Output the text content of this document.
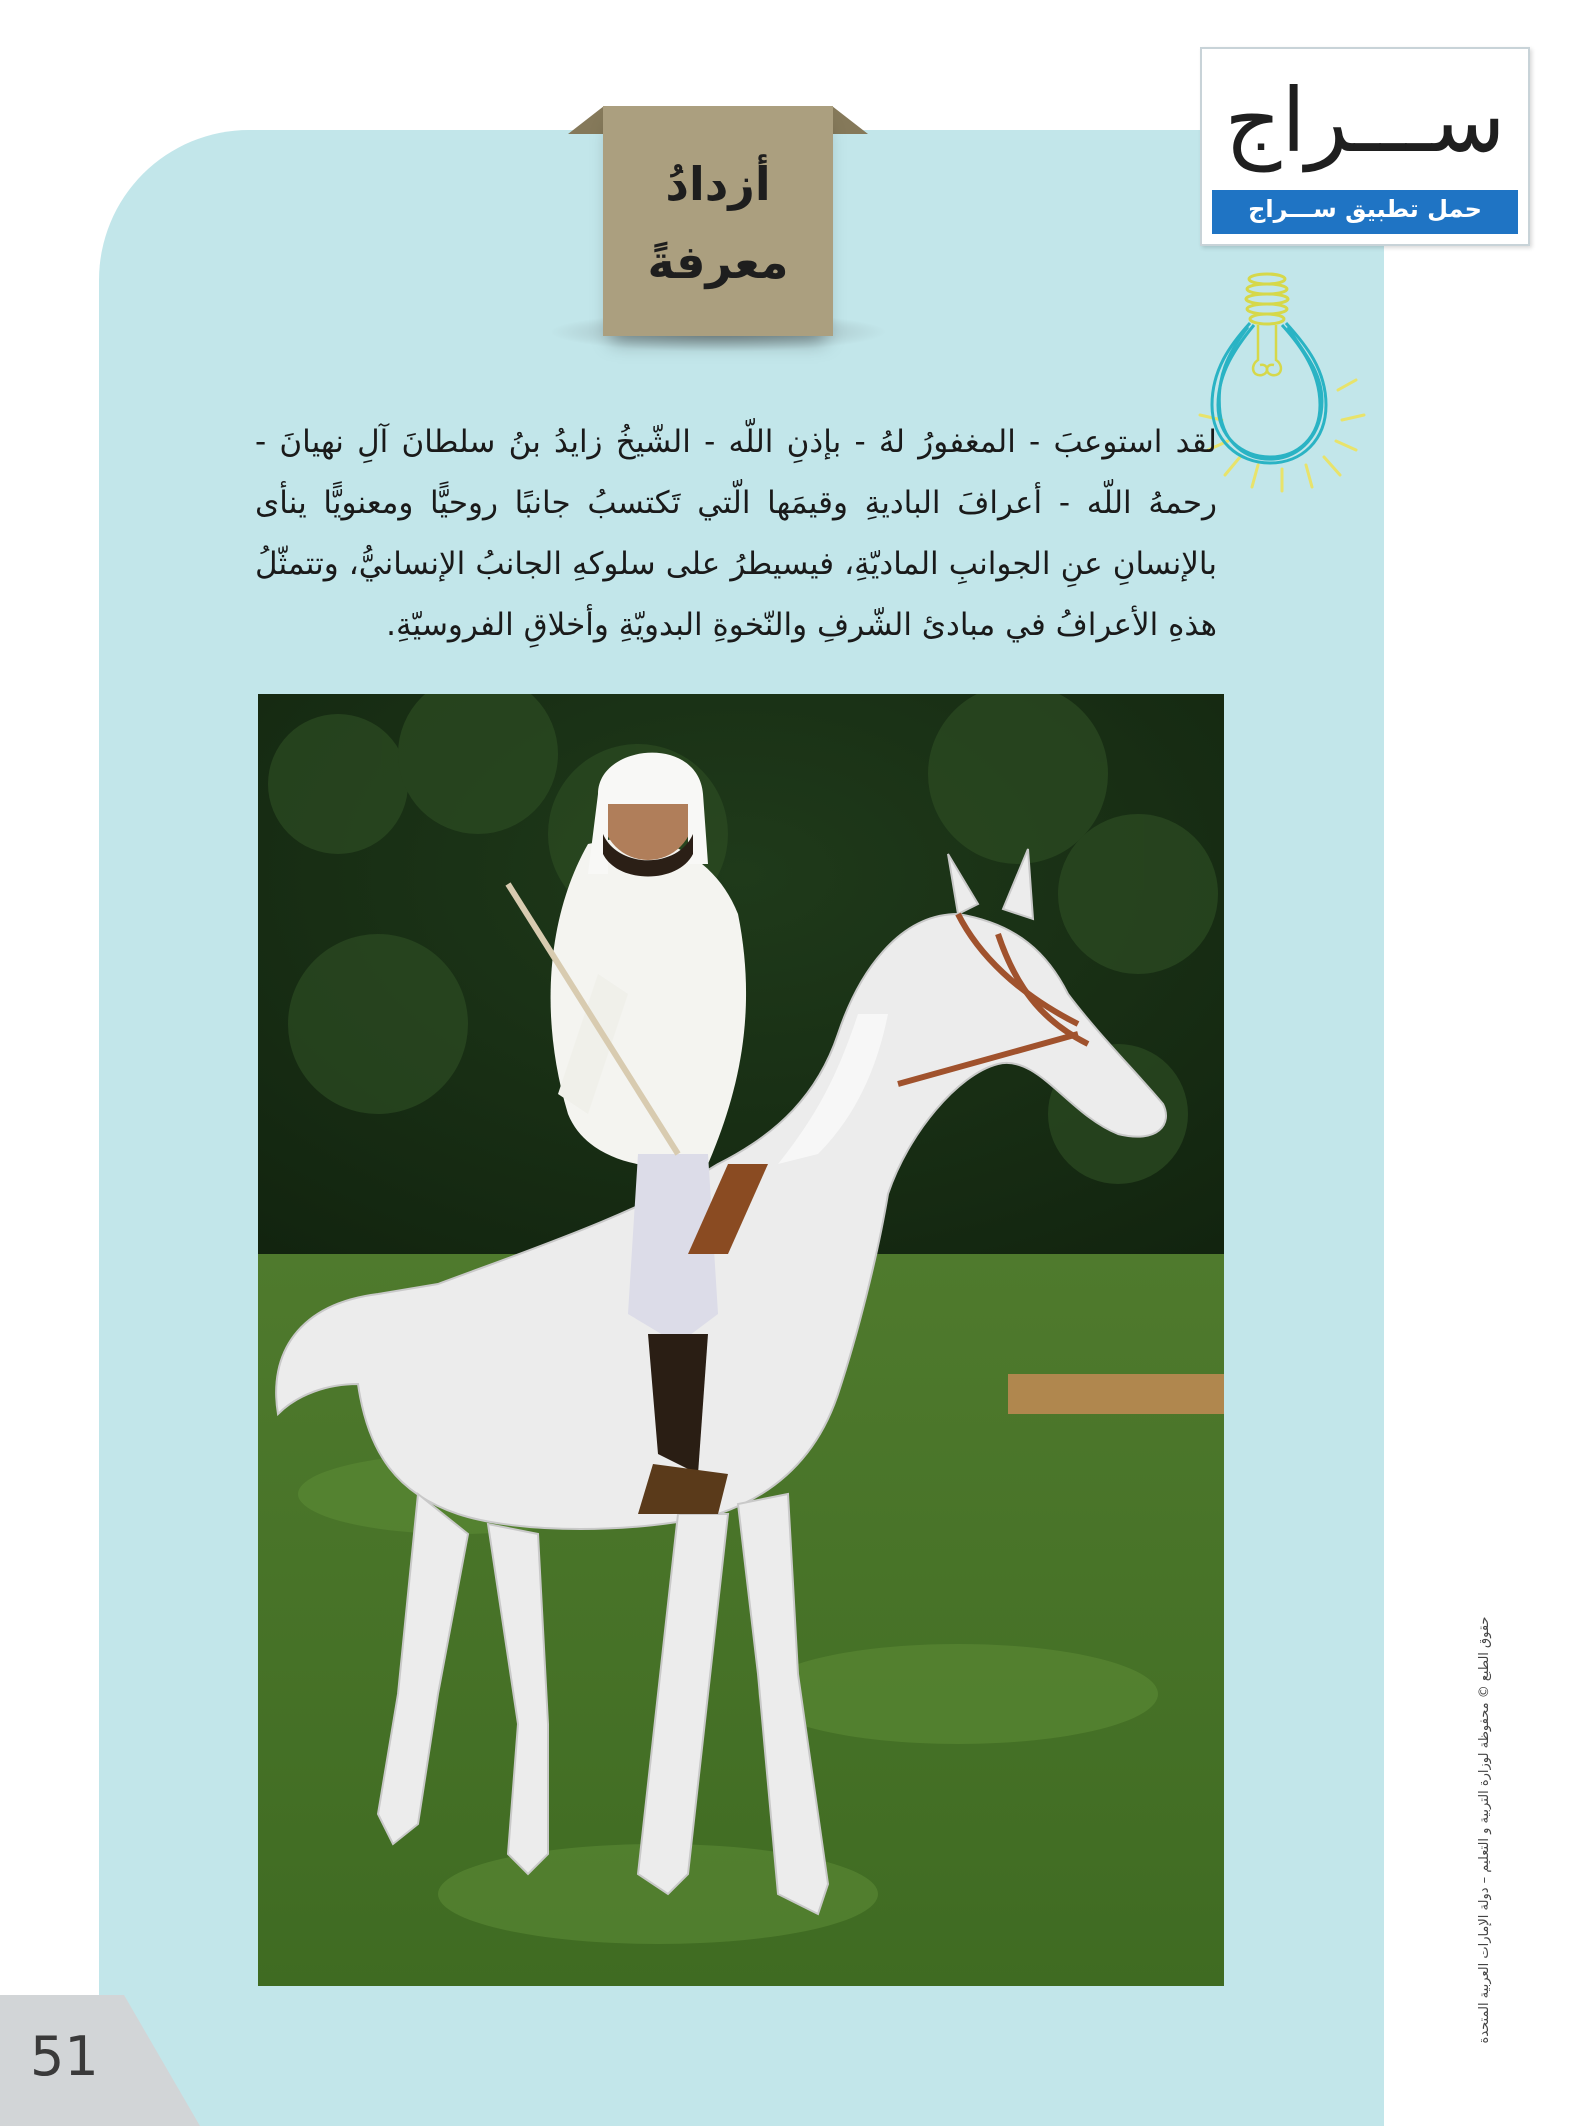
أزدادُ
معرفةً
ســـراج
حمل تطبيق ســـراج
لقد استوعبَ - المغفورُ لهُ - بإذنِ اللّه - الشّيخُ زايدُ بنُ سلطانَ آلِ نهيانَ - رحمهُ اللّه - أعرافَ الباديةِ وقيمَها الّتي تَكتسبُ جانبًا روحيًّا ومعنويًّا ينأى بالإنسانِ عنِ الجوانبِ الماديّةِ، فيسيطرُ على سلوكهِ الجانبُ الإنسانيُّ، وتتمثّلُ هذهِ الأعرافُ في مبادئ الشّرفِ والنّخوةِ البدويّةِ وأخلاقِ الفروسيّةِ.
حقوق الطبع © محفوظة لوزارة التربية و التعليم – دولة الإمارات العربية المتحدة
51
